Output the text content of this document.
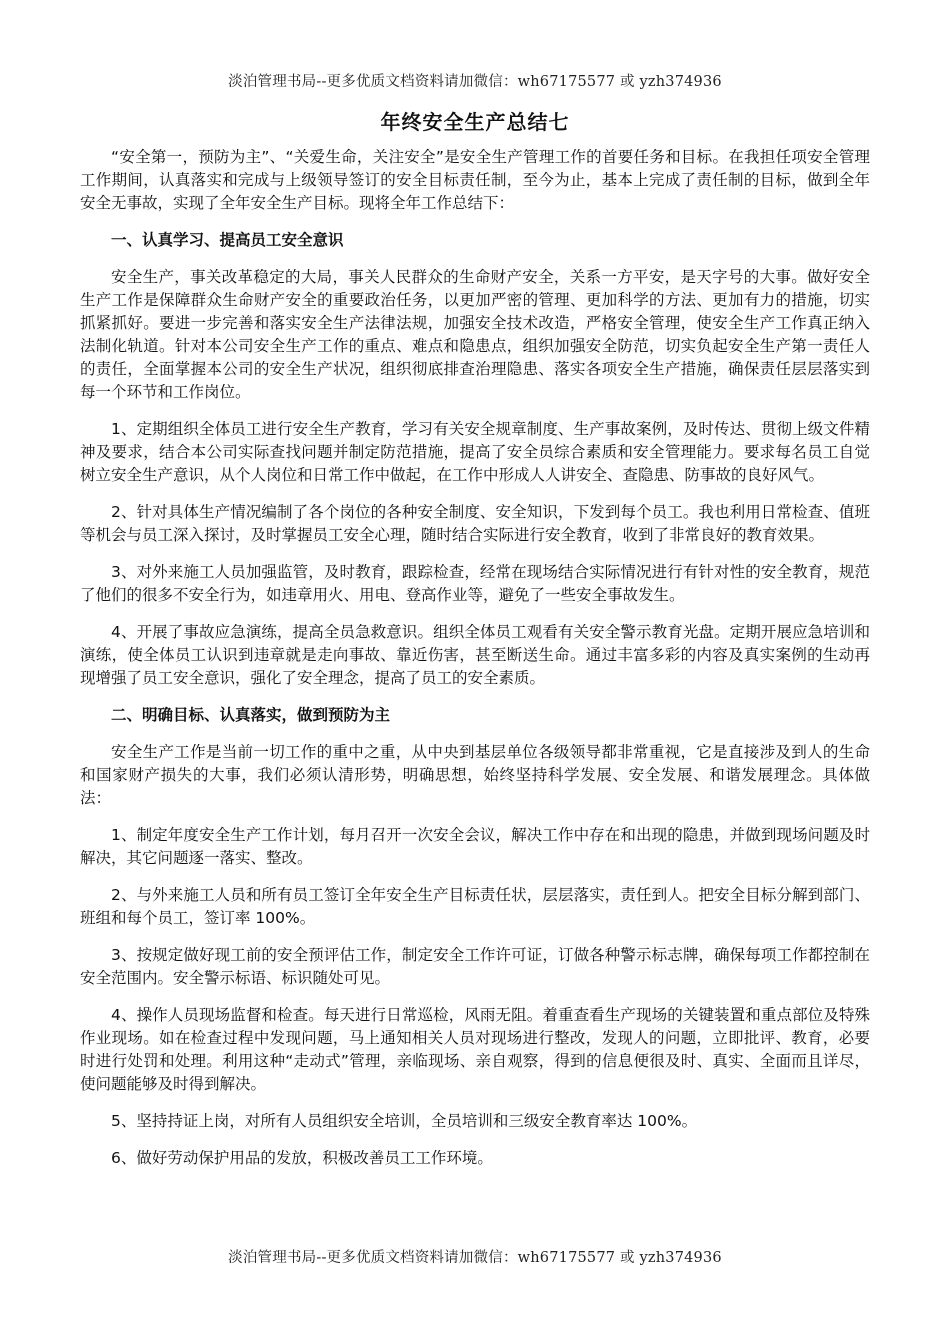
淡泊管理书局--更多优质文档资料请加微信：wh67175577 或 yzh374936
年终安全生产总结七

“安全第一，预防为主”、“关爱生命，关注安全”是安全生产管理工作的首要任务和目标。在我担任项安全管理工作期间，认真落实和完成与上级领导签订的安全目标责任制，至今为止，基本上完成了责任制的目标，做到全年安全无事故，实现了全年安全生产目标。现将全年工作总结下：

一、认真学习、提高员工安全意识

安全生产，事关改革稳定的大局，事关人民群众的生命财产安全，关系一方平安，是天字号的大事。做好安全生产工作是保障群众生命财产安全的重要政治任务，以更加严密的管理、更加科学的方法、更加有力的措施，切实抓紧抓好。要进一步完善和落实安全生产法律法规，加强安全技术改造，严格安全管理，使安全生产工作真正纳入法制化轨道。针对本公司安全生产工作的重点、难点和隐患点，组织加强安全防范，切实负起安全生产第一责任人的责任，全面掌握本公司的安全生产状况，组织彻底排查治理隐患、落实各项安全生产措施，确保责任层层落实到每一个环节和工作岗位。

1、定期组织全体员工进行安全生产教育，学习有关安全规章制度、生产事故案例，及时传达、贯彻上级文件精神及要求，结合本公司实际查找问题并制定防范措施，提高了安全员综合素质和安全管理能力。要求每名员工自觉树立安全生产意识，从个人岗位和日常工作中做起，在工作中形成人人讲安全、查隐患、防事故的良好风气。

2、针对具体生产情况编制了各个岗位的各种安全制度、安全知识，下发到每个员工。我也利用日常检查、值班等机会与员工深入探讨，及时掌握员工安全心理，随时结合实际进行安全教育，收到了非常良好的教育效果。

3、对外来施工人员加强监管，及时教育，跟踪检查，经常在现场结合实际情况进行有针对性的安全教育，规范了他们的很多不安全行为，如违章用火、用电、登高作业等，避免了一些安全事故发生。

4、开展了事故应急演练，提高全员急救意识。组织全体员工观看有关安全警示教育光盘。定期开展应急培训和演练，使全体员工认识到违章就是走向事故、靠近伤害，甚至断送生命。通过丰富多彩的内容及真实案例的生动再现增强了员工安全意识，强化了安全理念，提高了员工的安全素质。

二、明确目标、认真落实，做到预防为主

安全生产工作是当前一切工作的重中之重，从中央到基层单位各级领导都非常重视，它是直接涉及到人的生命和国家财产损失的大事，我们必须认清形势，明确思想，始终坚持科学发展、安全发展、和谐发展理念。具体做法：

1、制定年度安全生产工作计划，每月召开一次安全会议，解决工作中存在和出现的隐患，并做到现场问题及时解决，其它问题逐一落实、整改。

2、与外来施工人员和所有员工签订全年安全生产目标责任状，层层落实，责任到人。把安全目标分解到部门、班组和每个员工，签订率 100%。

3、按规定做好现工前的安全预评估工作，制定安全工作许可证，订做各种警示标志牌，确保每项工作都控制在安全范围内。安全警示标语、标识随处可见。

4、操作人员现场监督和检查。每天进行日常巡检，风雨无阻。着重查看生产现场的关键装置和重点部位及特殊作业现场。如在检查过程中发现问题，马上通知相关人员对现场进行整改，发现人的问题，立即批评、教育，必要时进行处罚和处理。利用这种“走动式”管理，亲临现场、亲自观察，得到的信息便很及时、真实、全面而且详尽，使问题能够及时得到解决。

5、坚持持证上岗，对所有人员组织安全培训，全员培训和三级安全教育率达 100%。

6、做好劳动保护用品的发放，积极改善员工工作环境。

淡泊管理书局--更多优质文档资料请加微信：wh67175577 或 yzh374936
